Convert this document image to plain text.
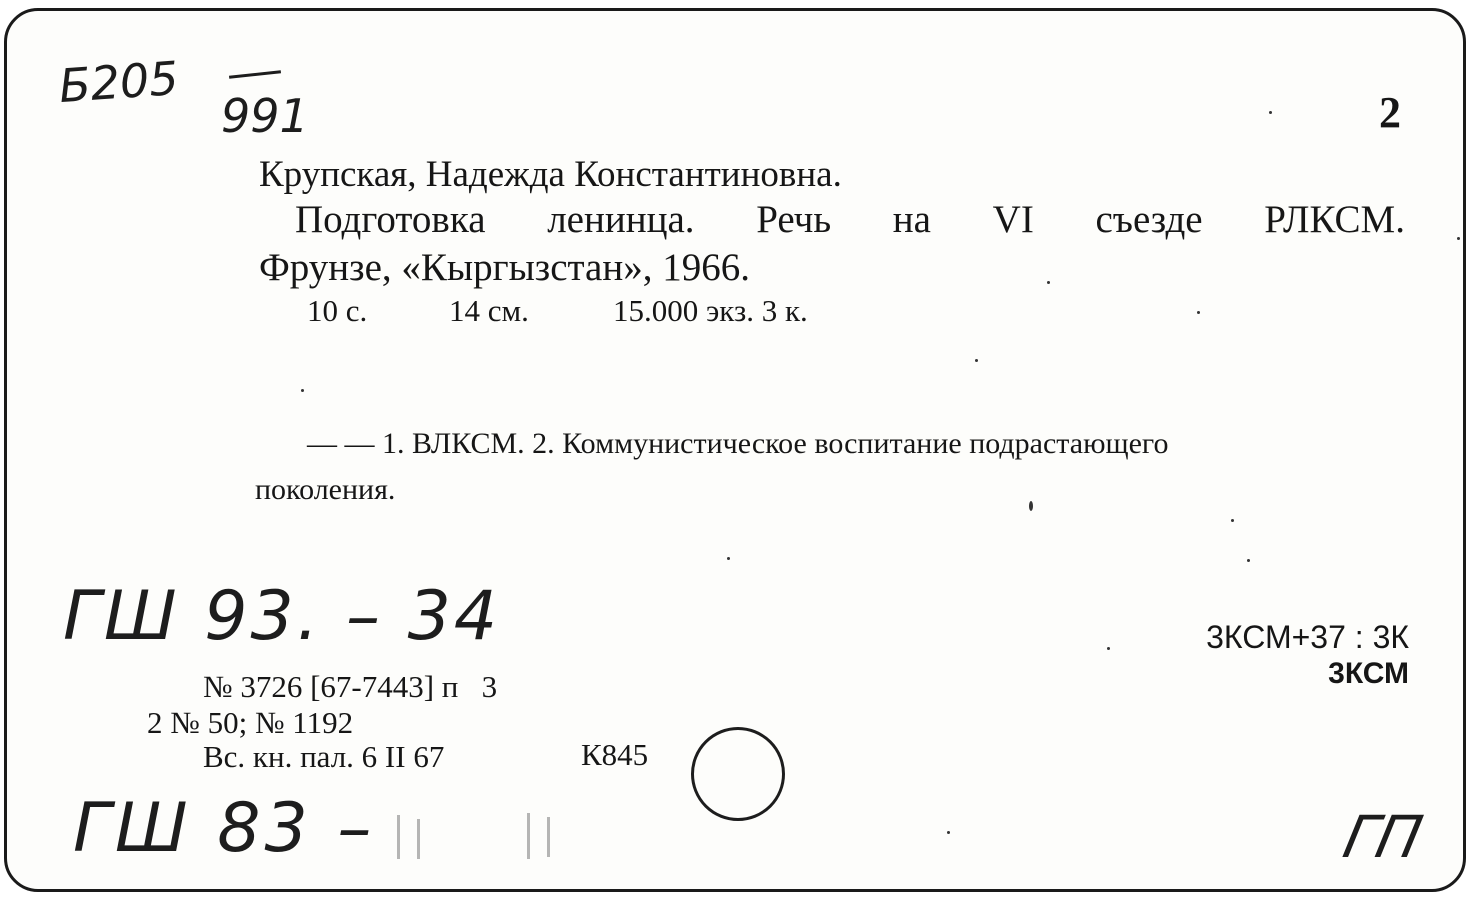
Б205
991	2
Крупская, Надежда Константиновна.
Подготовка ленинца. Речь на VI съезде РЛКСМ.
Фрунзе, «Кыргызстан», 1966.
10 с.	14 см.	15.000 экз. 3 к.
— — 1. ВЛКСМ. 2. Коммунистическое воспитание подрастающего
поколения.
ГШ 93. – 34	3КСМ+37 : 3К
3КСМ
№ 3726 [67-7443] п   3
2 № 50; № 1192
Вс. кн. пал. 6 II 67	К845
ГШ 83 –	ГП
